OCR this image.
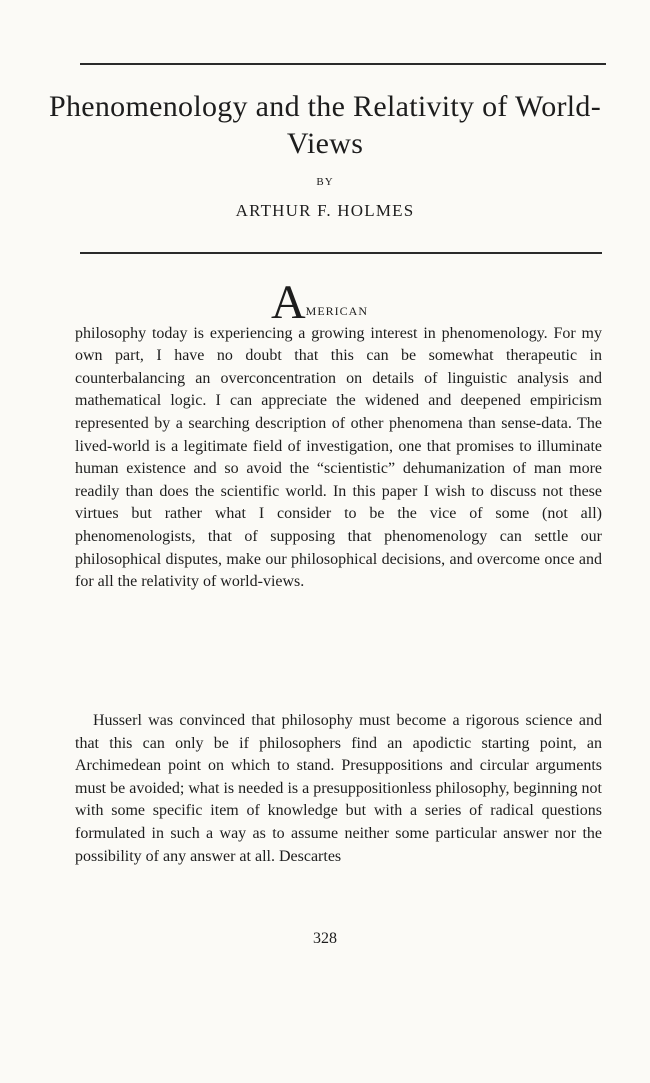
Phenomenology and the Relativity of World-Views
BY
ARTHUR F. HOLMES

AMERICAN
philosophy today is experiencing a growing interest in phenomenology. For my own part, I have no doubt that this can be somewhat therapeutic in counterbalancing an overconcentration on details of linguistic analysis and mathematical logic. I can appreciate the widened and deepened empiricism represented by a searching description of other phenomena than sense-data. The lived-world is a legitimate field of investigation, one that promises to illuminate human existence and so avoid the “scientistic” dehumanization of man more readily than does the scientific world. In this paper I wish to discuss not these virtues but rather what I consider to be the vice of some (not all) phenomenologists, that of supposing that phenomenology can settle our philosophical disputes, make our philosophical decisions, and overcome once and for all the relativity of world-views.

Husserl was convinced that philosophy must become a rigorous science and that this can only be if philosophers find an apodictic starting point, an Archimedean point on which to stand. Presuppositions and circular arguments must be avoided; what is needed is a presuppositionless philosophy, beginning not with some specific item of knowledge but with a series of radical questions formulated in such a way as to assume neither some particular answer nor the possibility of any answer at all. Descartes

328
